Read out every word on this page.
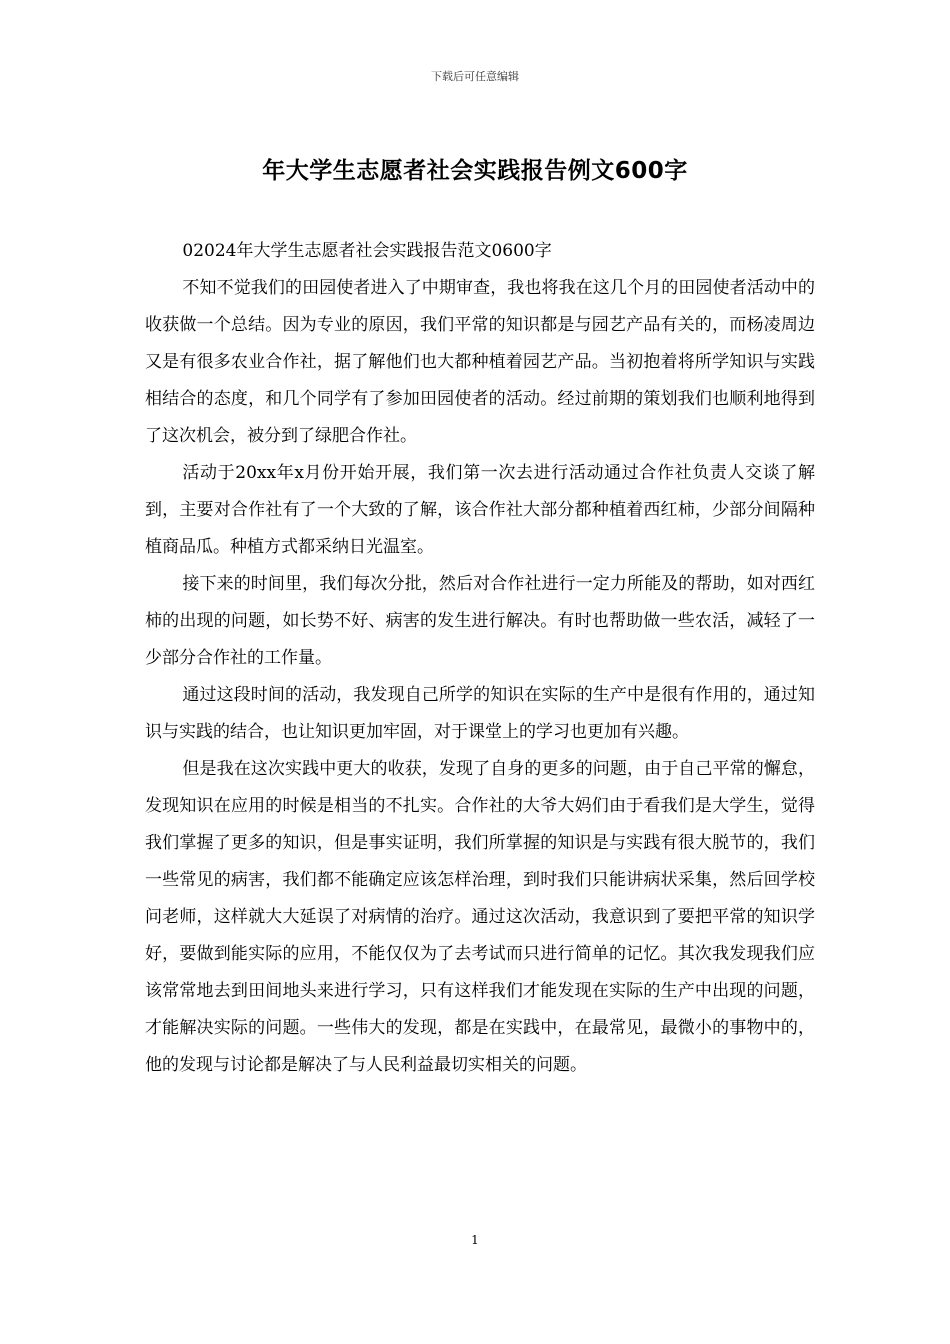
下载后可任意编辑
年大学生志愿者社会实践报告例文600字

02024年大学生志愿者社会实践报告范文0600字

不知不觉我们的田园使者进入了中期审查，我也将我在这几个月的田园使者活动中的收获做一个总结。因为专业的原因，我们平常的知识都是与园艺产品有关的，而杨凌周边又是有很多农业合作社，据了解他们也大都种植着园艺产品。当初抱着将所学知识与实践相结合的态度，和几个同学有了参加田园使者的活动。经过前期的策划我们也顺利地得到了这次机会，被分到了绿肥合作社。

活动于20xx年x月份开始开展，我们第一次去进行活动通过合作社负责人交谈了解到，主要对合作社有了一个大致的了解，该合作社大部分都种植着西红柿，少部分间隔种植商品瓜。种植方式都采纳日光温室。

接下来的时间里，我们每次分批，然后对合作社进行一定力所能及的帮助，如对西红柿的出现的问题，如长势不好、病害的发生进行解决。有时也帮助做一些农活，减轻了一少部分合作社的工作量。

通过这段时间的活动，我发现自己所学的知识在实际的生产中是很有作用的，通过知识与实践的结合，也让知识更加牢固，对于课堂上的学习也更加有兴趣。

但是我在这次实践中更大的收获，发现了自身的更多的问题，由于自己平常的懈怠，发现知识在应用的时候是相当的不扎实。合作社的大爷大妈们由于看我们是大学生，觉得我们掌握了更多的知识，但是事实证明，我们所掌握的知识是与实践有很大脱节的，我们一些常见的病害，我们都不能确定应该怎样治理，到时我们只能讲病状采集，然后回学校问老师，这样就大大延误了对病情的治疗。通过这次活动，我意识到了要把平常的知识学好，要做到能实际的应用，不能仅仅为了去考试而只进行简单的记忆。其次我发现我们应该常常地去到田间地头来进行学习，只有这样我们才能发现在实际的生产中出现的问题，才能解决实际的问题。一些伟大的发现，都是在实践中，在最常见，最微小的事物中的，他的发现与讨论都是解决了与人民利益最切实相关的问题。

1
